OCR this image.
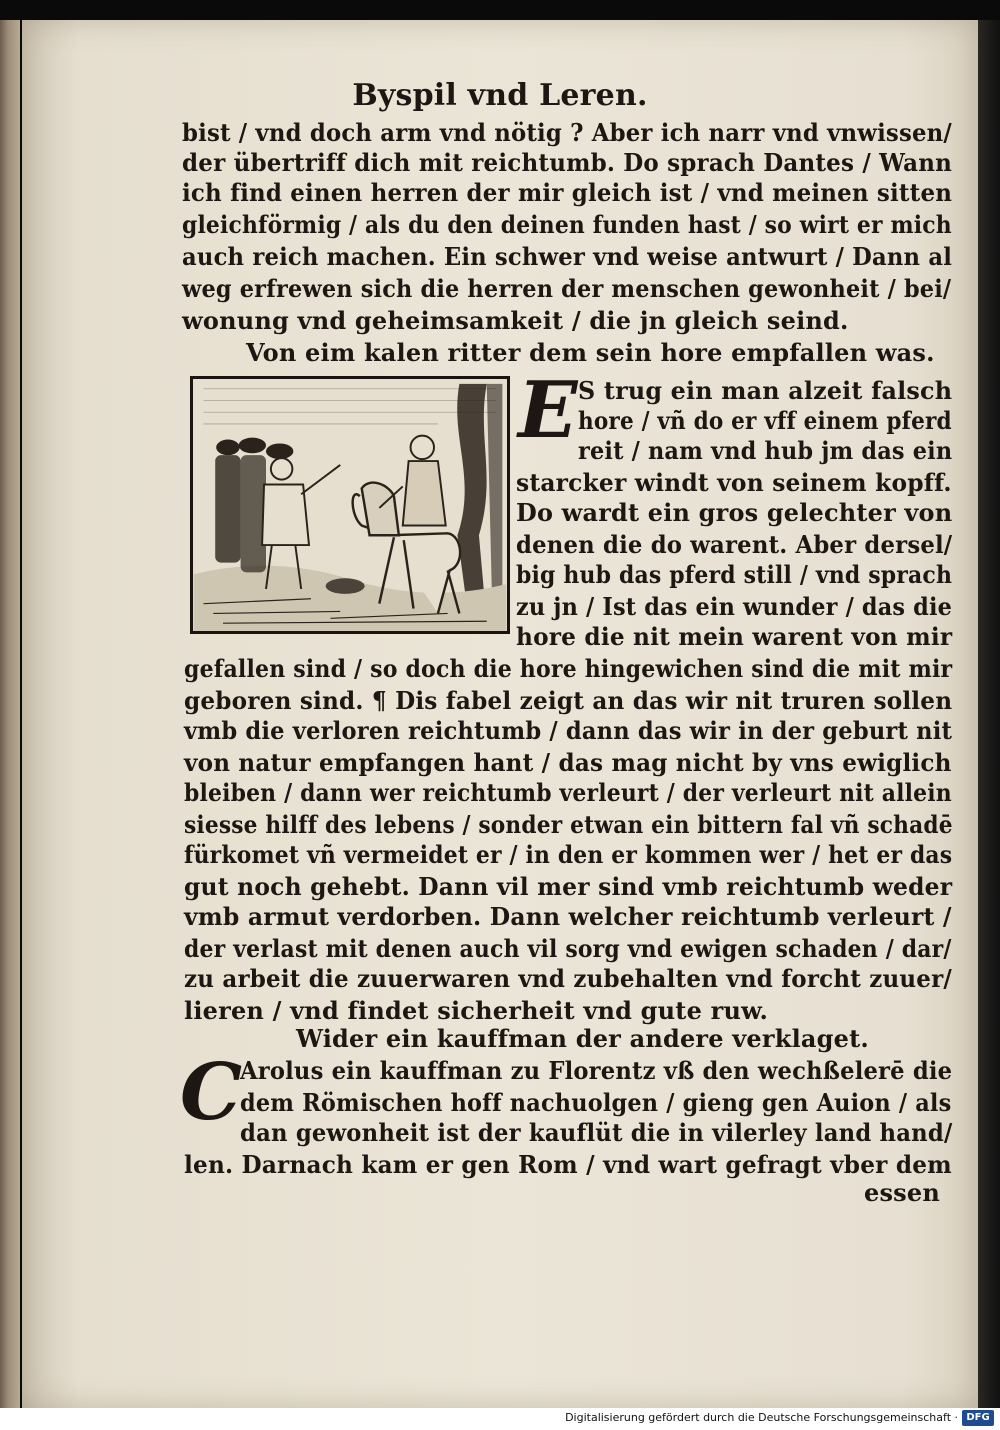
Byspil vnd Leren.
bist / vnd doch arm vnd nötig ? Aber ich narr vnd vnwissen/
der übertriff dich mit reichtumb. Do sprach Dantes / Wann
ich find einen herren der mir gleich ist / vnd meinen sitten
gleichförmig / als du den deinen funden hast / so wirt er mich
auch reich machen. Ein schwer vnd weise antwurt / Dann al
weg erfrewen sich die herren der menschen gewonheit / bei/
wonung vnd geheimsamkeit / die jn gleich seind.
Von eim kalen ritter dem sein hore empfallen was.
E S trug ein man alzeit falsch
hore / vñ do er vff einem pferd
reit / nam vnd hub jm das ein
starcker windt von seinem kopff.
Do wardt ein gros gelechter von
denen die do warent. Aber dersel/
big hub das pferd still / vnd sprach
zu jn / Ist das ein wunder / das die
hore die nit mein warent von mir
gefallen sind / so doch die hore hingewichen sind die mit mir
geboren sind. ¶ Dis fabel zeigt an das wir nit truren sollen
vmb die verloren reichtumb / dann das wir in der geburt nit
von natur empfangen hant / das mag nicht by vns ewiglich
bleiben / dann wer reichtumb verleurt / der verleurt nit allein
siesse hilff des lebens / sonder etwan ein bittern fal vñ schadē
fürkomet vñ vermeidet er / in den er kommen wer / het er das
gut noch gehebt. Dann vil mer sind vmb reichtumb weder
vmb armut verdorben. Dann welcher reichtumb verleurt /
der verlast mit denen auch vil sorg vnd ewigen schaden / dar/
zu arbeit die zuuerwaren vnd zubehalten vnd forcht zuuer/
lieren / vnd findet sicherheit vnd gute ruw.
Wider ein kauffman der andere verklaget.
C
Arolus ein kauffman zu Florentz vß den wechßelerē die
dem Römischen hoff nachuolgen / gieng gen Auion / als
dan gewonheit ist der kauflüt die in vilerley land hand/
len. Darnach kam er gen Rom / vnd wart gefragt vber dem
essen
Digitalisierung gefördert durch die Deutsche Forschungsgemeinschaft · DFG
